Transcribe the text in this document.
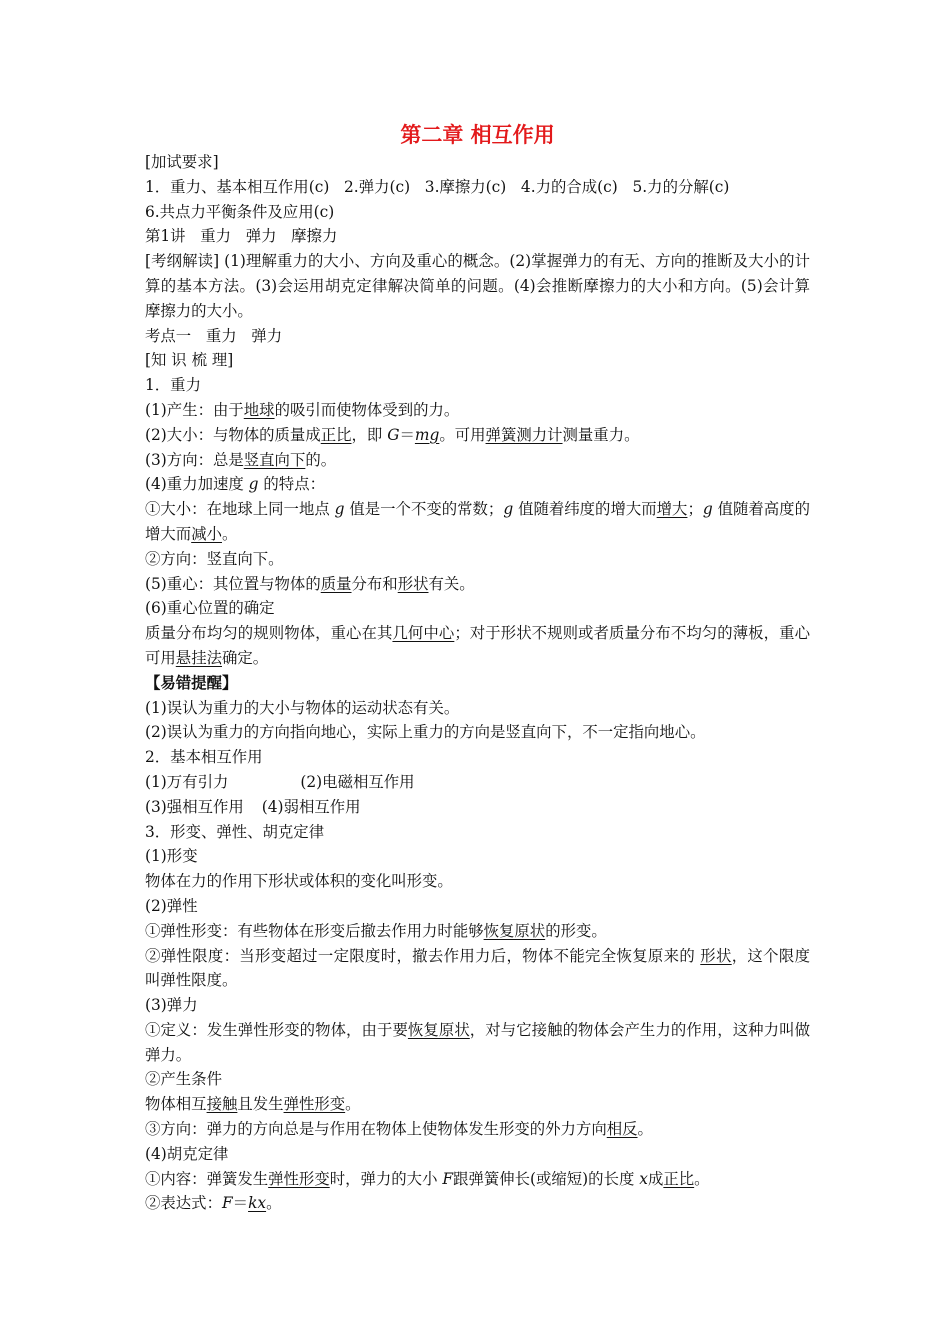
第二章 相互作用
[加试要求]
1．重力、基本相互作用(c)   2.弹力(c)   3.摩擦力(c)   4.力的合成(c)   5.力的分解(c)
6.共点力平衡条件及应用(c)
第1讲   重力   弹力   摩擦力
[考纲解读] (1)理解重力的大小、方向及重心的概念。(2)掌握弹力的有无、方向的推断及大小的计算的基本方法。(3)会运用胡克定律解决简单的问题。(4)会推断摩擦力的大小和方向。(5)会计算摩擦力的大小。
考点一   重力   弹力
[知 识 梳 理]
1．重力
(1)产生：由于地球的吸引而使物体受到的力。
(2)大小：与物体的质量成正比，即 G＝mg。可用弹簧测力计测量重力。
(3)方向：总是竖直向下的。
(4)重力加速度 g 的特点：
①大小：在地球上同一地点 g 值是一个不变的常数；g 值随着纬度的增大而增大；g 值随着高度的增大而减小。
②方向：竖直向下。
(5)重心：其位置与物体的质量分布和形状有关。
(6)重心位置的确定
质量分布均匀的规则物体，重心在其几何中心；对于形状不规则或者质量分布不均匀的薄板，重心可用悬挂法确定。
【易错提醒】
(1)误认为重力的大小与物体的运动状态有关。
(2)误认为重力的方向指向地心，实际上重力的方向是竖直向下，不一定指向地心。
2．基本相互作用
(1)万有引力	(2)电磁相互作用
(3)强相互作用 (4)弱相互作用
3．形变、弹性、胡克定律
(1)形变
物体在力的作用下形状或体积的变化叫形变。
(2)弹性
①弹性形变：有些物体在形变后撤去作用力时能够恢复原状的形变。
②弹性限度：当形变超过一定限度时，撤去作用力后，物体不能完全恢复原来的 形状，这个限度叫弹性限度。
(3)弹力
①定义：发生弹性形变的物体，由于要恢复原状，对与它接触的物体会产生力的作用，这种力叫做弹力。
②产生条件
物体相互接触且发生弹性形变。
③方向：弹力的方向总是与作用在物体上使物体发生形变的外力方向相反。
(4)胡克定律
①内容：弹簧发生弹性形变时，弹力的大小 F跟弹簧伸长(或缩短)的长度 x成正比。
②表达式：F＝kx。
